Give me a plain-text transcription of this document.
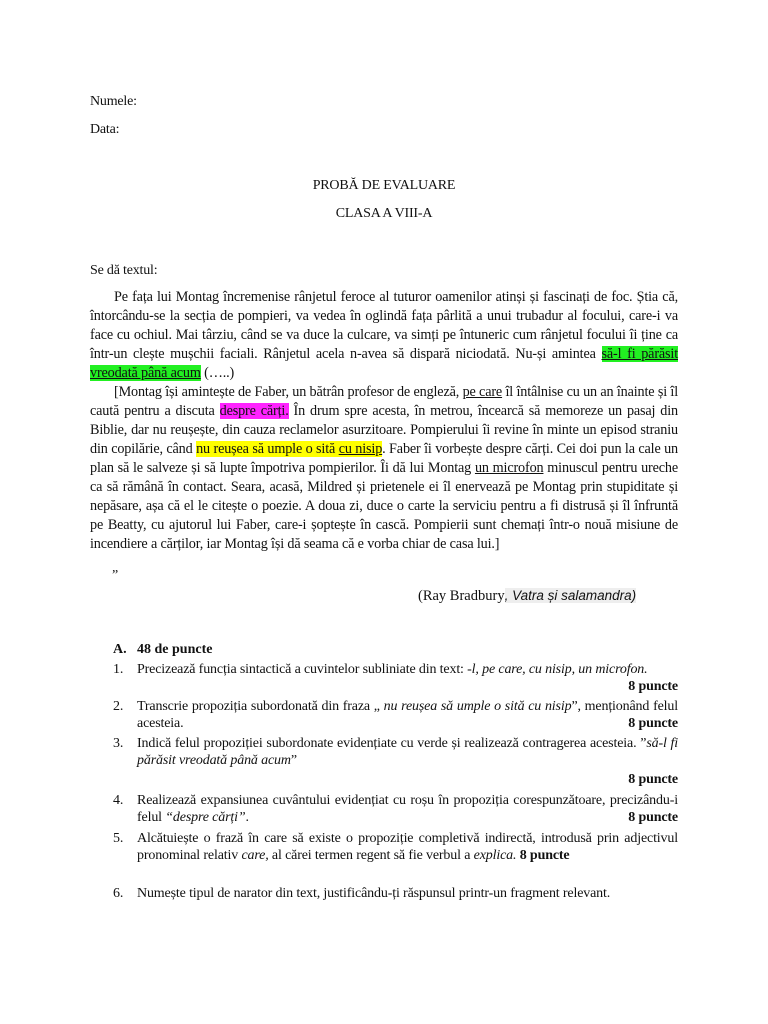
Numele:
Data:
PROBĂ DE EVALUARE
CLASA A VIII-A
Se dă textul:

Pe fața lui Montag încremenise rânjetul feroce al tuturor oamenilor atinși și fascinați de foc. Știa că, întorcându-se la secția de pompieri, va vedea în oglindă fața pârlită a unui trubadur al focului, care-i va face cu ochiul. Mai târziu, când se va duce la culcare, va simți pe întuneric cum rânjetul focului îi ține ca într-un clește mușchii faciali. Rânjetul acela n-avea să dispară niciodată. Nu-și amintea să-l fi părăsit vreodată până acum (…..)

[Montag își amintește de Faber, un bătrân profesor de engleză, pe care îl întâlnise cu un an înainte și îl caută pentru a discuta despre cărți. În drum spre acesta, în metrou, încearcă să memoreze un pasaj din Biblie, dar nu reușește, din cauza reclamelor asurzitoare. Pompierului îi revine în minte un episod straniu din copilărie, când nu reușea să umple o sită cu nisip. Faber îi vorbește despre cărți. Cei doi pun la cale un plan să le salveze și să lupte împotriva pompierilor. Îi dă lui Montag un microfon minuscul pentru ureche ca să rămână în contact. Seara, acasă, Mildred și prietenele ei îl enervează pe Montag prin stupiditate și nepăsare, așa că el le citește o poezie. A doua zi, duce o carte la serviciu pentru a fi distrusă și îl înfruntă pe Beatty, cu ajutorul lui Faber, care-i șoptește în cască. Pompierii sunt chemați într-o nouă misiune de incendiere a cărților, iar Montag își dă seama că e vorba chiar de casa lui.]

”
(Ray Bradbury, Vatra și salamandra)
A. 48 de puncte
1. Precizează funcția sintactică a cuvintelor subliniate din text: -l, pe care, cu nisip, un microfon.
8 puncte
2. Transcrie propoziția subordonată din fraza „ nu reușea să umple o sită cu nisip”, menționând felul acesteia.	8 puncte
3. Indică felul propoziției subordonate evidențiate cu verde și realizează contragerea acesteia. ”să-l fi părăsit vreodată până acum”
8 puncte
4. Realizează expansiunea cuvântului evidențiat cu roșu în propoziția corespunzătoare, precizându-i felul “despre cărți”.	8 puncte
5. Alcătuiește o frază în care să existe o propoziție completivă indirectă, introdusă prin adjectivul pronominal relativ care, al cărei termen regent să fie verbul a explica. 8 puncte
6. Numește tipul de narator din text, justificându-ți răspunsul printr-un fragment relevant.
